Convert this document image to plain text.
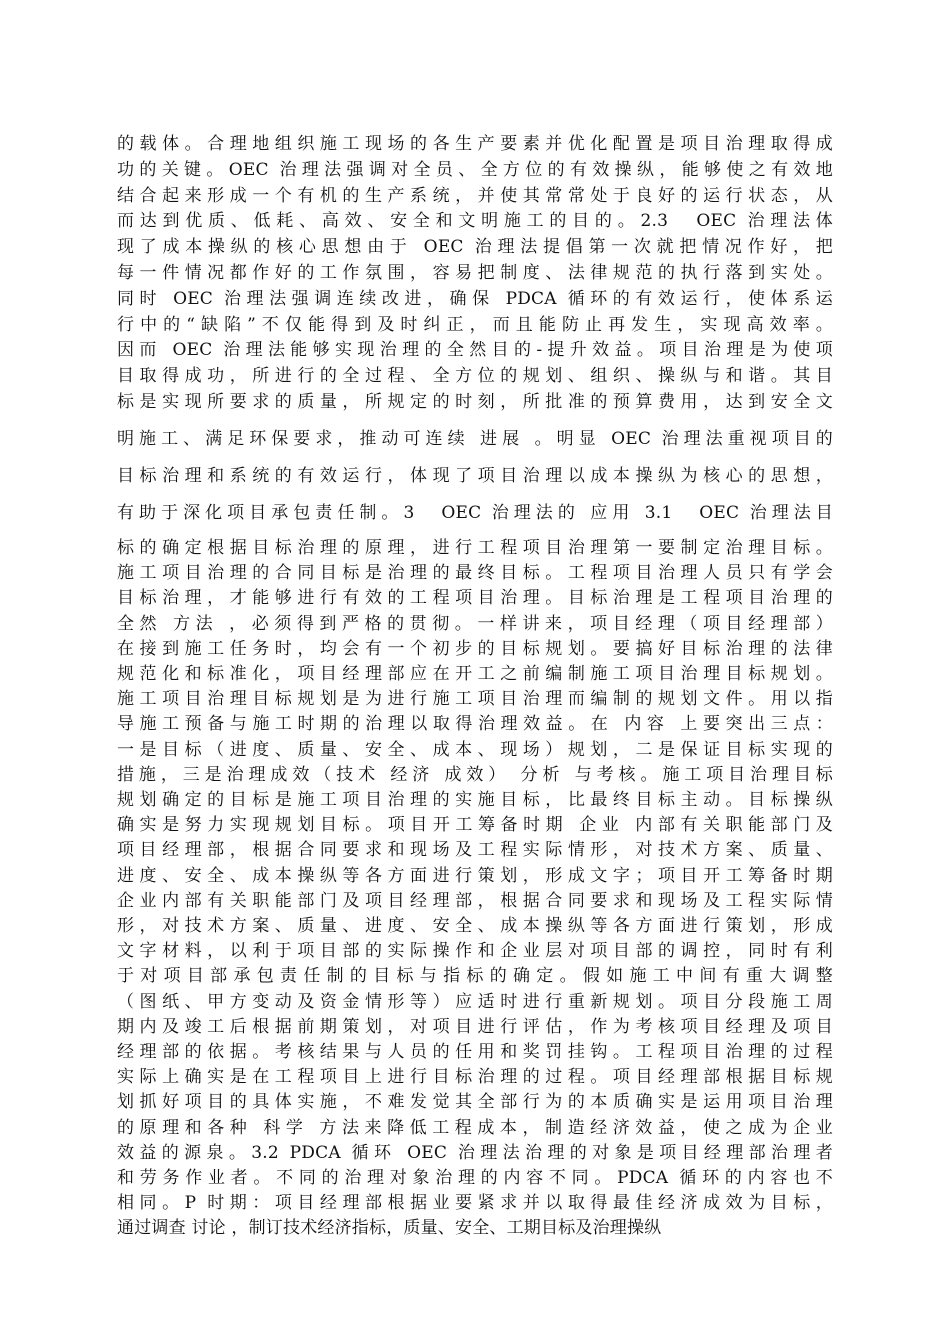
的载体。合理地组织施工现场的各生产要素并优化配置是项目治理取得成
功的关键。OEC 治理法强调对全员、全方位的有效操纵，能够使之有效地
结合起来形成一个有机的生产系统，并使其常常处于良好的运行状态，从
而达到优质、低耗、高效、安全和文明施工的目的。2.3　OEC 治理法体
现了成本操纵的核心思想由于 OEC 治理法提倡第一次就把情况作好，把
每一件情况都作好的工作氛围，容易把制度、法律规范的执行落到实处。
同时 OEC 治理法强调连续改进，确保 PDCA 循环的有效运行，使体系运
行中的“缺陷”不仅能得到及时纠正，而且能防止再发生，实现高效率。
因而 OEC 治理法能够实现治理的全然目的-提升效益。项目治理是为使项
目取得成功，所进行的全过程、全方位的规划、组织、操纵与和谐。其目
标是实现所要求的质量，所规定的时刻，所批准的预算费用，达到安全文
明施工、满足环保要求，推动可连续 进展 。明显 OEC 治理法重视项目的
目标治理和系统的有效运行，体现了项目治理以成本操纵为核心的思想，
有助于深化项目承包责任制。3　OEC 治理法的 应用 3.1　OEC 治理法目
标的确定根据目标治理的原理，进行工程项目治理第一要制定治理目标。
施工项目治理的合同目标是治理的最终目标。工程项目治理人员只有学会
目标治理，才能够进行有效的工程项目治理。目标治理是工程项目治理的
全然 方法 ，必须得到严格的贯彻。一样讲来，项目经理（项目经理部）
在接到施工任务时，均会有一个初步的目标规划。要搞好目标治理的法律
规范化和标准化，项目经理部应在开工之前编制施工项目治理目标规划。
施工项目治理目标规划是为进行施工项目治理而编制的规划文件。用以指
导施工预备与施工时期的治理以取得治理效益。在 内容 上要突出三点：
一是目标（进度、质量、安全、成本、现场）规划，二是保证目标实现的
措施，三是治理成效（技术 经济 成效） 分析 与考核。施工项目治理目标
规划确定的目标是施工项目治理的实施目标，比最终目标主动。目标操纵
确实是努力实现规划目标。项目开工筹备时期 企业 内部有关职能部门及
项目经理部，根据合同要求和现场及工程实际情形，对技术方案、质量、
进度、安全、成本操纵等各方面进行策划，形成文字；项目开工筹备时期
企业内部有关职能部门及项目经理部，根据合同要求和现场及工程实际情
形，对技术方案、质量、进度、安全、成本操纵等各方面进行策划，形成
文字材料，以利于项目部的实际操作和企业层对项目部的调控，同时有利
于对项目部承包责任制的目标与指标的确定。假如施工中间有重大调整
（图纸、甲方变动及资金情形等）应适时进行重新规划。项目分段施工周
期内及竣工后根据前期策划，对项目进行评估，作为考核项目经理及项目
经理部的依据。考核结果与人员的任用和奖罚挂钩。工程项目治理的过程
实际上确实是在工程项目上进行目标治理的过程。项目经理部根据目标规
划抓好项目的具体实施，不难发觉其全部行为的本质确实是运用项目治理
的原理和各种 科学 方法来降低工程成本，制造经济效益，使之成为企业
效益的源泉。3.2 PDCA 循环 OEC 治理法治理的对象是项目经理部治理者
和劳务作业者。不同的治理对象治理的内容不同。PDCA 循环的内容也不
相同。P 时期：项目经理部根据业要紧求并以取得最佳经济成效为目标，
通过调查 讨论 ，制订技术经济指标，质量、安全、工期目标及治理操纵
